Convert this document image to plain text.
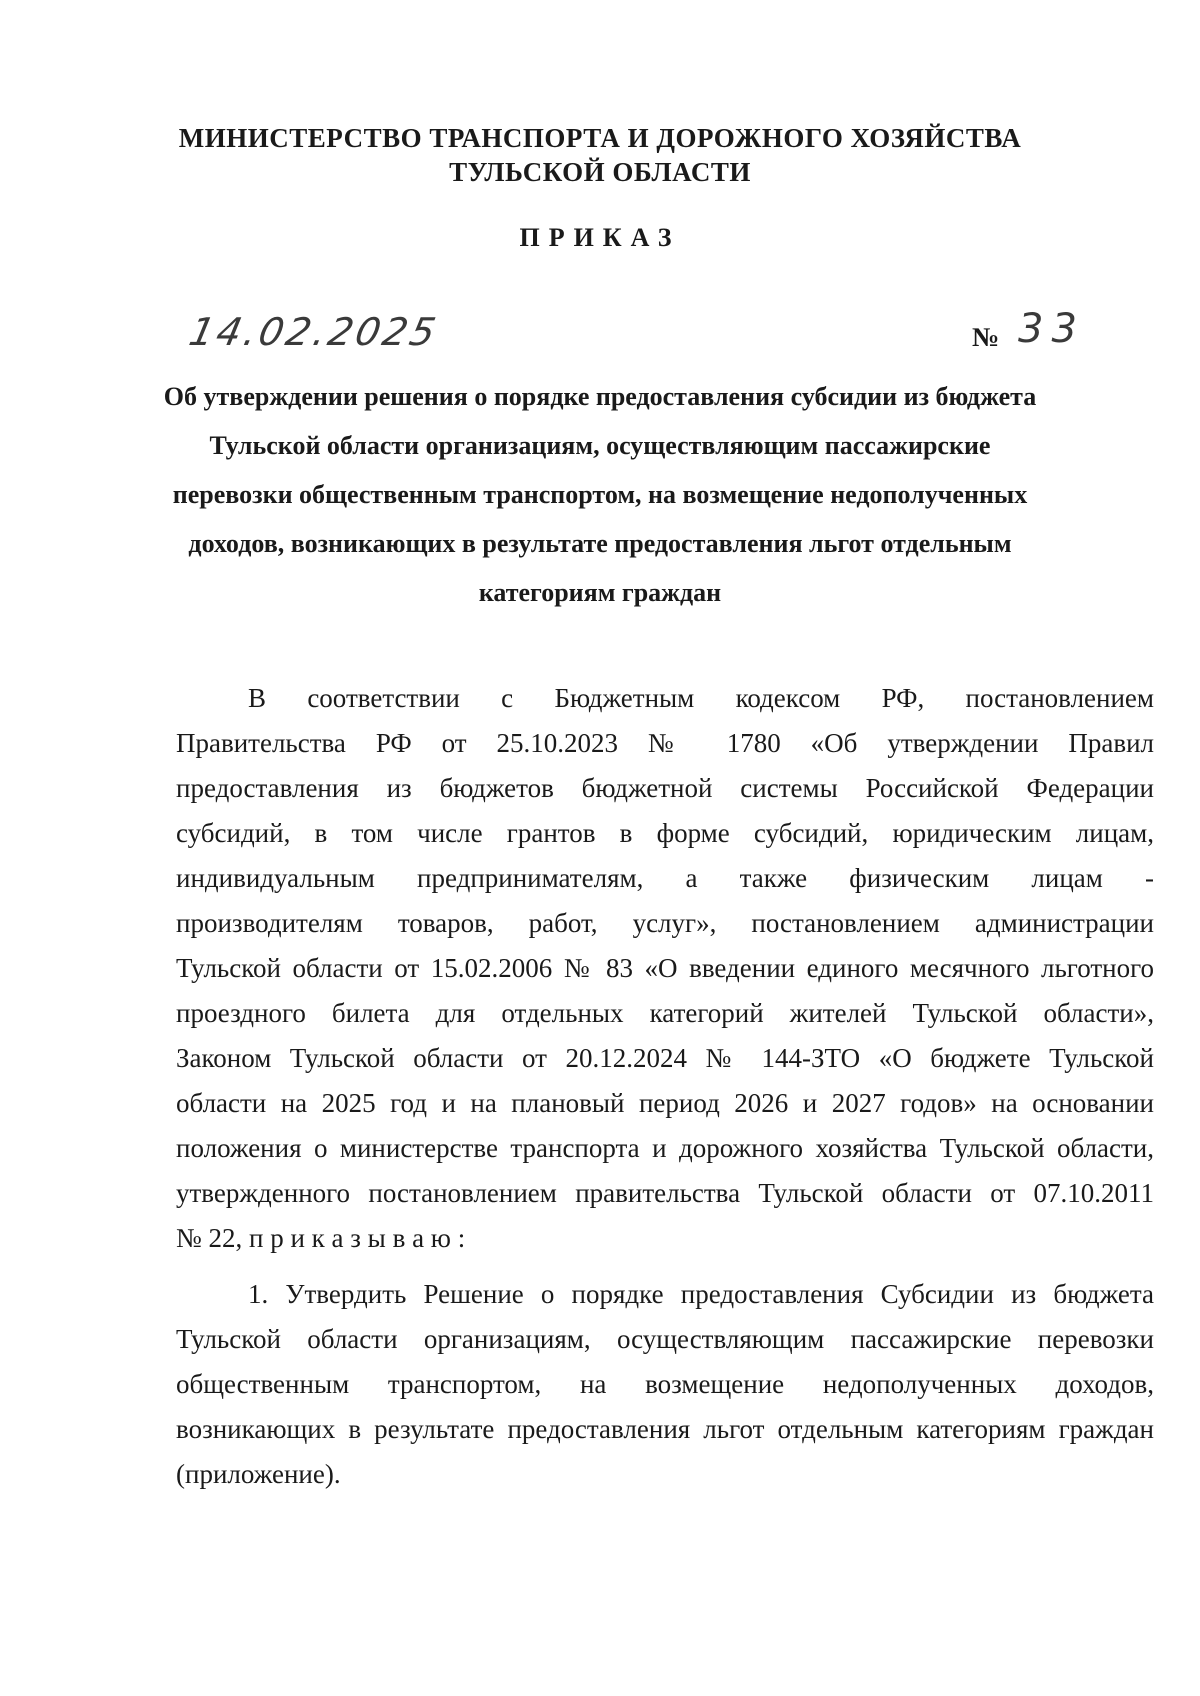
МИНИСТЕРСТВО ТРАНСПОРТА И ДОРОЖНОГО ХОЗЯЙСТВА
ТУЛЬСКОЙ ОБЛАСТИ
ПРИКАЗ
14.02.2025	№ 33
Об утверждении решения о порядке предоставления субсидии из бюджета
Тульской области организациям, осуществляющим пассажирские
перевозки общественным транспортом, на возмещение недополученных
доходов, возникающих в результате предоставления льгот отдельным
категориям граждан
В соответствии с Бюджетным кодексом РФ, постановлением
Правительства РФ от 25.10.2023 № 1780 «Об утверждении Правил
предоставления из бюджетов бюджетной системы Российской Федерации
субсидий, в том числе грантов в форме субсидий, юридическим лицам,
индивидуальным предпринимателям, а также физическим лицам -
производителям товаров, работ, услуг», постановлением администрации
Тульской области от 15.02.2006 № 83 «О введении единого месячного льготного
проездного билета для отдельных категорий жителей Тульской области»,
Законом Тульской области от 20.12.2024 № 144-ЗТО «О бюджете Тульской
области на 2025 год и на плановый период 2026 и 2027 годов» на основании
положения о министерстве транспорта и дорожного хозяйства Тульской области,
утвержденного постановлением правительства Тульской области от 07.10.2011
№ 22, п р и к а з ы в а ю :
1. Утвердить Решение о порядке предоставления Субсидии из бюджета
Тульской области организациям, осуществляющим пассажирские перевозки
общественным транспортом, на возмещение недополученных доходов,
возникающих в результате предоставления льгот отдельным категориям граждан
(приложение).
